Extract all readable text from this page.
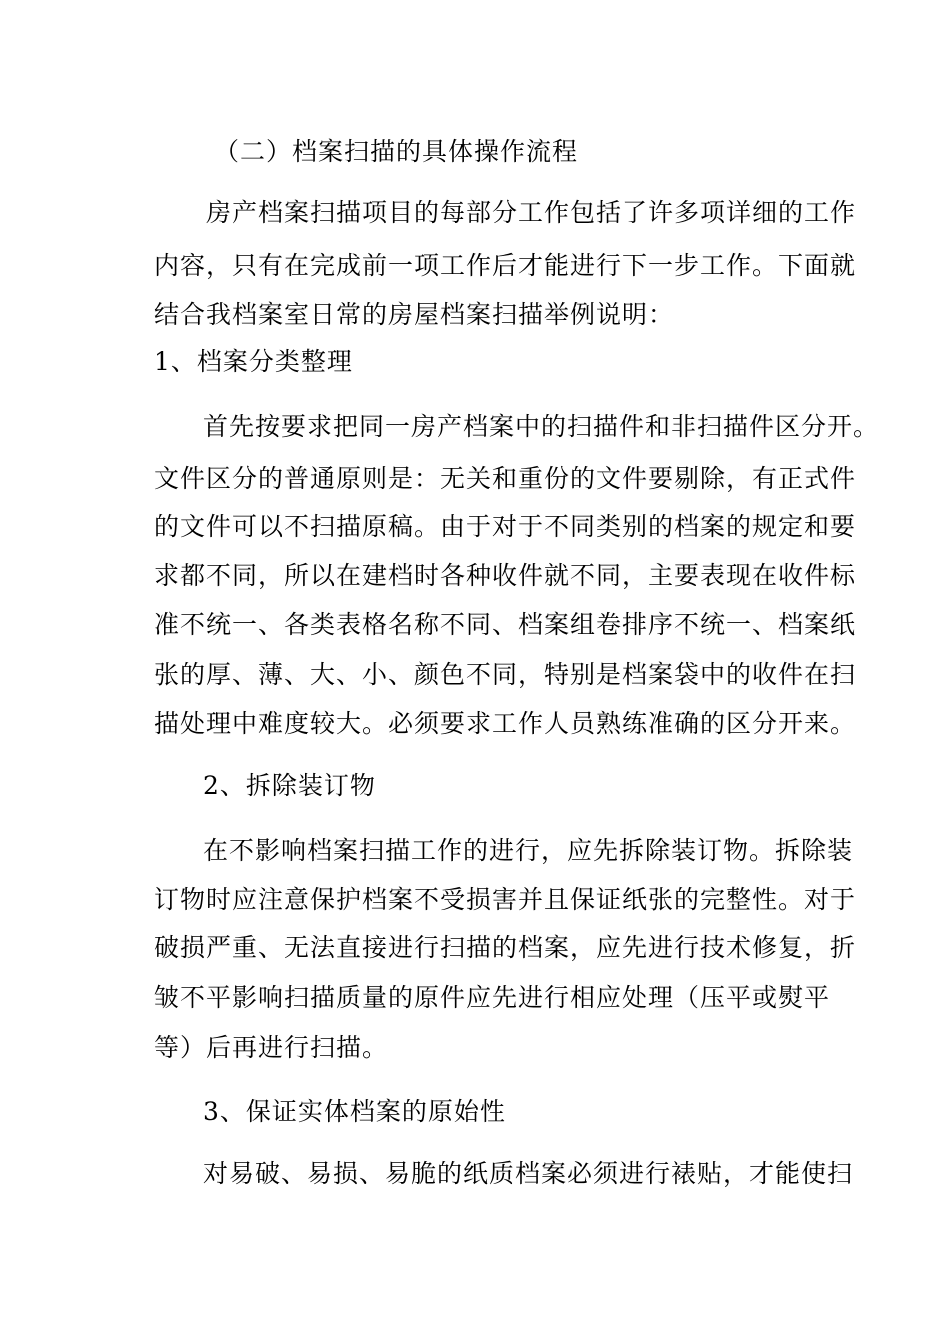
（二）档案扫描的具体操作流程
房产档案扫描项目的每部分工作包括了许多项详细的工作
内容，只有在完成前一项工作后才能进行下一步工作。下面就
结合我档案室日常的房屋档案扫描举例说明：
1、档案分类整理
首先按要求把同一房产档案中的扫描件和非扫描件区分开。
文件区分的普通原则是：无关和重份的文件要剔除，有正式件
的文件可以不扫描原稿。由于对于不同类别的档案的规定和要
求都不同，所以在建档时各种收件就不同，主要表现在收件标
准不统一、各类表格名称不同、档案组卷排序不统一、档案纸
张的厚、薄、大、小、颜色不同，特别是档案袋中的收件在扫
描处理中难度较大。必须要求工作人员熟练准确的区分开来。
2、拆除装订物
在不影响档案扫描工作的进行，应先拆除装订物。拆除装
订物时应注意保护档案不受损害并且保证纸张的完整性。对于
破损严重、无法直接进行扫描的档案，应先进行技术修复，折
皱不平影响扫描质量的原件应先进行相应处理（压平或熨平
等）后再进行扫描。
3、保证实体档案的原始性
对易破、易损、易脆的纸质档案必须进行裱贴，才能使扫
